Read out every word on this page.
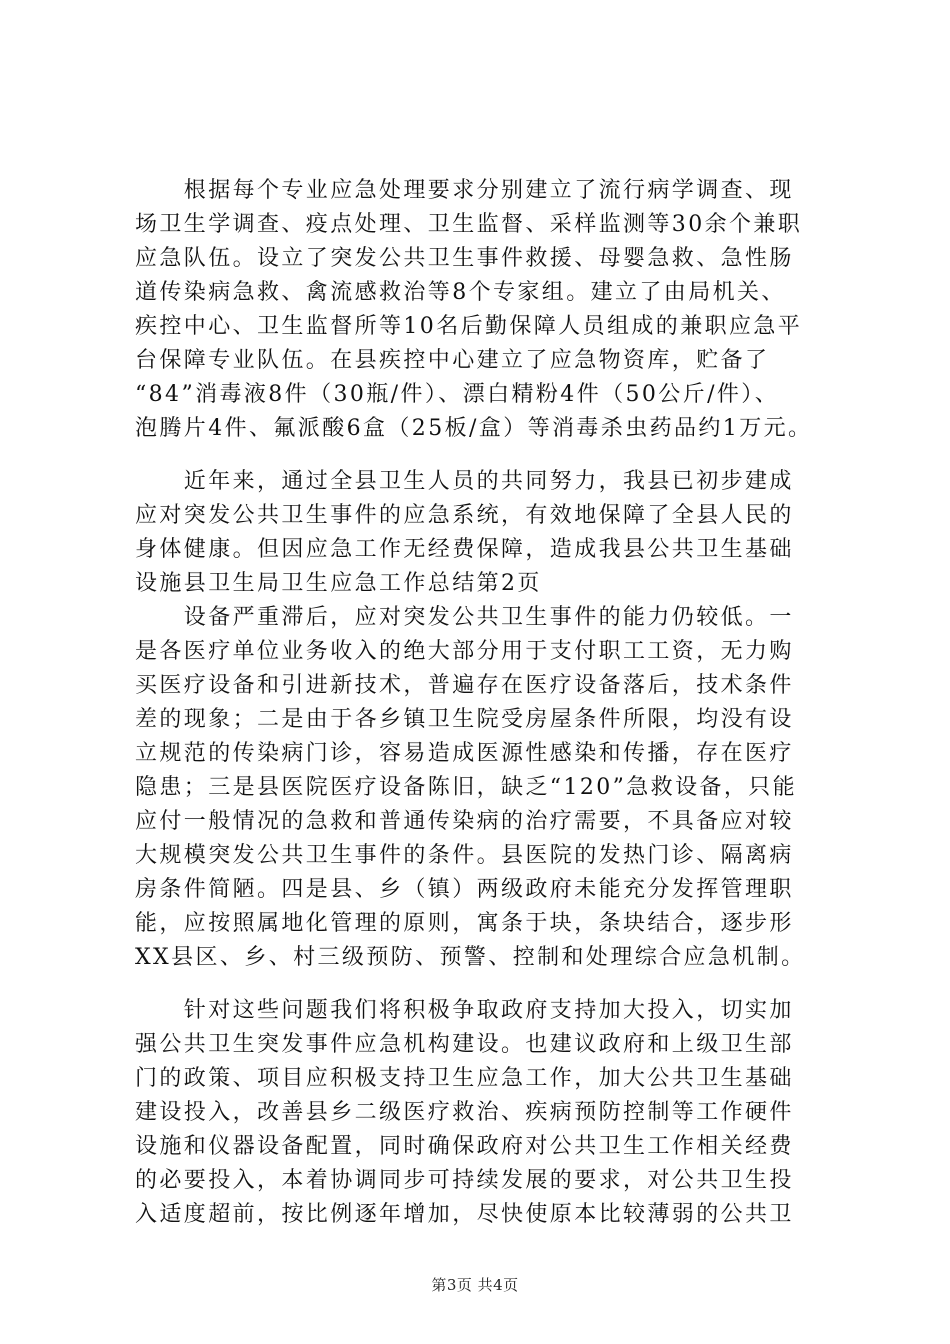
　　根据每个专业应急处理要求分别建立了流行病学调查、现
场卫生学调查、疫点处理、卫生监督、采样监测等30余个兼职
应急队伍。设立了突发公共卫生事件救援、母婴急救、急性肠
道传染病急救、禽流感救治等8个专家组。建立了由局机关、
疾控中心、卫生监督所等10名后勤保障人员组成的兼职应急平
台保障专业队伍。在县疾控中心建立了应急物资库，贮备了
“84”消毒液8件（30瓶/件）、漂白精粉4件（50公斤/件）、
泡腾片4件、氟派酸6盒（25板/盒）等消毒杀虫药品约1万元。
　　近年来，通过全县卫生人员的共同努力，我县已初步建成
应对突发公共卫生事件的应急系统，有效地保障了全县人民的
身体健康。但因应急工作无经费保障，造成我县公共卫生基础
设施县卫生局卫生应急工作总结第2页
　　设备严重滞后，应对突发公共卫生事件的能力仍较低。一
是各医疗单位业务收入的绝大部分用于支付职工工资，无力购
买医疗设备和引进新技术，普遍存在医疗设备落后，技术条件
差的现象；二是由于各乡镇卫生院受房屋条件所限，均没有设
立规范的传染病门诊，容易造成医源性感染和传播，存在医疗
隐患；三是县医院医疗设备陈旧，缺乏“120”急救设备，只能
应付一般情况的急救和普通传染病的治疗需要，不具备应对较
大规模突发公共卫生事件的条件。县医院的发热门诊、隔离病
房条件简陋。四是县、乡（镇）两级政府未能充分发挥管理职
能，应按照属地化管理的原则，寓条于块，条块结合，逐步形
XX县区、乡、村三级预防、预警、控制和处理综合应急机制。
　　针对这些问题我们将积极争取政府支持加大投入，切实加
强公共卫生突发事件应急机构建设。也建议政府和上级卫生部
门的政策、项目应积极支持卫生应急工作，加大公共卫生基础
建设投入，改善县乡二级医疗救治、疾病预防控制等工作硬件
设施和仪器设备配置，同时确保政府对公共卫生工作相关经费
的必要投入，本着协调同步可持续发展的要求，对公共卫生投
入适度超前，按比例逐年增加，尽快使原本比较薄弱的公共卫
第3页 共4页
